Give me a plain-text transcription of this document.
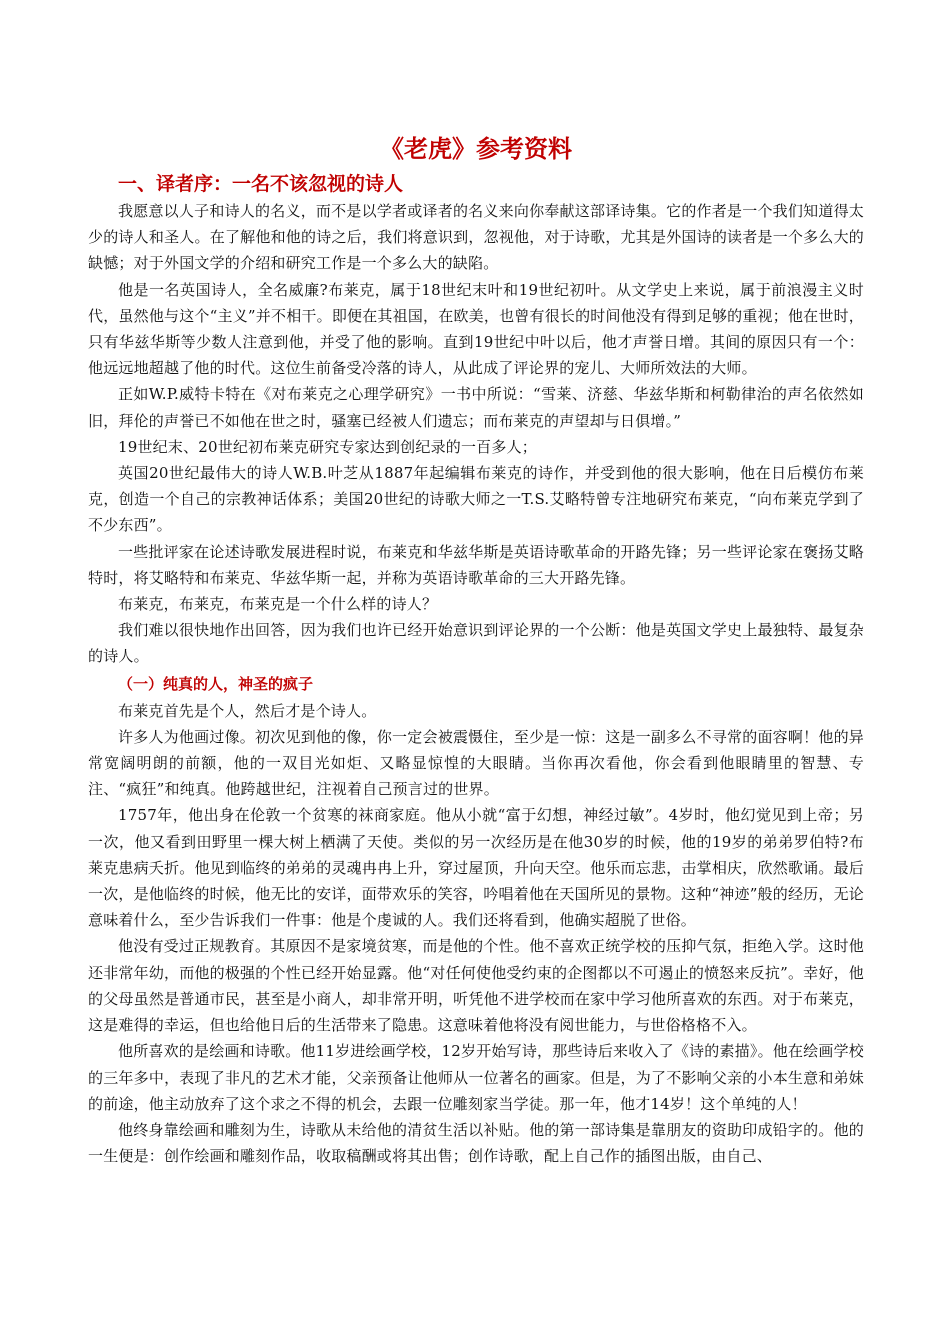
《老虎》参考资料
一、译者序：一名不该忽视的诗人

我愿意以人子和诗人的名义，而不是以学者或译者的名义来向你奉献这部译诗集。它的作者是一个我们知道得太少的诗人和圣人。在了解他和他的诗之后，我们将意识到，忽视他，对于诗歌，尤其是外国诗的读者是一个多么大的缺憾；对于外国文学的介绍和研究工作是一个多么大的缺陷。

他是一名英国诗人，全名威廉?布莱克，属于18世纪末叶和19世纪初叶。从文学史上来说，属于前浪漫主义时代，虽然他与这个“主义”并不相干。即便在其祖国，在欧美，也曾有很长的时间他没有得到足够的重视；他在世时，只有华兹华斯等少数人注意到他，并受了他的影响。直到19世纪中叶以后，他才声誉日增。其间的原因只有一个：他远远地超越了他的时代。这位生前备受冷落的诗人，从此成了评论界的宠儿、大师所效法的大师。

正如W.P.威特卡特在《对布莱克之心理学研究》一书中所说：“雪莱、济慈、华兹华斯和柯勒律治的声名依然如旧，拜伦的声誉已不如他在世之时，骚塞已经被人们遗忘；而布莱克的声望却与日俱增。”

19世纪末、20世纪初布莱克研究专家达到创纪录的一百多人；

英国20世纪最伟大的诗人W.B.叶芝从1887年起编辑布莱克的诗作，并受到他的很大影响，他在日后模仿布莱克，创造一个自己的宗教神话体系；美国20世纪的诗歌大师之一T.S.艾略特曾专注地研究布莱克，“向布莱克学到了不少东西”。

一些批评家在论述诗歌发展进程时说，布莱克和华兹华斯是英语诗歌革命的开路先锋；另一些评论家在褒扬艾略特时，将艾略特和布莱克、华兹华斯一起，并称为英语诗歌革命的三大开路先锋。

布莱克，布莱克，布莱克是一个什么样的诗人？

我们难以很快地作出回答，因为我们也许已经开始意识到评论界的一个公断：他是英国文学史上最独特、最复杂的诗人。

（一）纯真的人，神圣的疯子

布莱克首先是个人，然后才是个诗人。

许多人为他画过像。初次见到他的像，你一定会被震慑住，至少是一惊：这是一副多么不寻常的面容啊！他的异常宽阔明朗的前额，他的一双目光如炬、又略显惊惶的大眼睛。当你再次看他，你会看到他眼睛里的智慧、专注、“疯狂”和纯真。他跨越世纪，注视着自己预言过的世界。

1757年，他出身在伦敦一个贫寒的袜商家庭。他从小就“富于幻想，神经过敏”。4岁时，他幻觉见到上帝；另一次，他又看到田野里一棵大树上栖满了天使。类似的另一次经历是在他30岁的时候，他的19岁的弟弟罗伯特?布莱克患病夭折。他见到临终的弟弟的灵魂冉冉上升，穿过屋顶，升向天空。他乐而忘悲，击掌相庆，欣然歌诵。最后一次，是他临终的时候，他无比的安详，面带欢乐的笑容，吟唱着他在天国所见的景物。这种“神迹”般的经历，无论意味着什么，至少告诉我们一件事：他是个虔诚的人。我们还将看到，他确实超脱了世俗。

他没有受过正规教育。其原因不是家境贫寒，而是他的个性。他不喜欢正统学校的压抑气氛，拒绝入学。这时他还非常年幼，而他的极强的个性已经开始显露。他“对任何使他受约束的企图都以不可遏止的愤怒来反抗”。幸好，他的父母虽然是普通市民，甚至是小商人，却非常开明，听凭他不进学校而在家中学习他所喜欢的东西。对于布莱克，这是难得的幸运，但也给他日后的生活带来了隐患。这意味着他将没有阅世能力，与世俗格格不入。

他所喜欢的是绘画和诗歌。他11岁进绘画学校，12岁开始写诗，那些诗后来收入了《诗的素描》。他在绘画学校的三年多中，表现了非凡的艺术才能，父亲预备让他师从一位著名的画家。但是，为了不影响父亲的小本生意和弟妹的前途，他主动放弃了这个求之不得的机会，去跟一位雕刻家当学徒。那一年，他才14岁！这个单纯的人！

他终身靠绘画和雕刻为生，诗歌从未给他的清贫生活以补贴。他的第一部诗集是靠朋友的资助印成铅字的。他的一生便是：创作绘画和雕刻作品，收取稿酬或将其出售；创作诗歌，配上自己作的插图出版，由自己、
